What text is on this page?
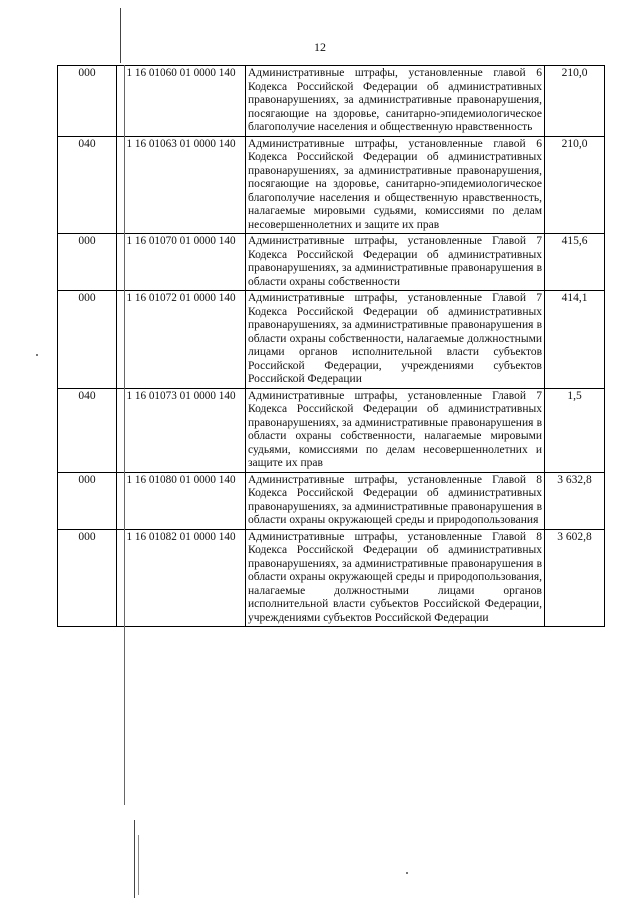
12
000	1 16 01060 01 0000 140	Административные штрафы, установленные главой 6 Кодекса Российской Федерации об административных правонарушениях, за административные правонарушения, посягающие на здоровье, санитарно-эпидемиологическое благополучие населения и общественную нравственность	210,0
040	1 16 01063 01 0000 140	Административные штрафы, установленные главой 6 Кодекса Российской Федерации об административных правонарушениях, за административные правонарушения, посягающие на здоровье, санитарно-эпидемиологическое благополучие населения и общественную нравственность, налагаемые мировыми судьями, комиссиями по делам несовершеннолетних и защите их прав	210,0
000	1 16 01070 01 0000 140	Административные штрафы, установленные Главой 7 Кодекса Российской Федерации об административных правонарушениях, за административные правонарушения в области охраны собственности	415,6
000	1 16 01072 01 0000 140	Административные штрафы, установленные Главой 7 Кодекса Российской Федерации об административных правонарушениях, за административные правонарушения в области охраны собственности, налагаемые должностными лицами органов исполнительной власти субъектов Российской Федерации, учреждениями субъектов Российской Федерации	414,1
040	1 16 01073 01 0000 140	Административные штрафы, установленные Главой 7 Кодекса Российской Федерации об административных правонарушениях, за административные правонарушения в области охраны собственности, налагаемые мировыми судьями, комиссиями по делам несовершеннолетних и защите их прав	1,5
000	1 16 01080 01 0000 140	Административные штрафы, установленные Главой 8 Кодекса Российской Федерации об административных правонарушениях, за административные правонарушения в области охраны окружающей среды и природопользования	3 632,8
000	1 16 01082 01 0000 140	Административные штрафы, установленные Главой 8 Кодекса Российской Федерации об административных правонарушениях, за административные правонарушения в области охраны окружающей среды и природопользования, налагаемые должностными лицами органов исполнительной власти субъектов Российской Федерации, учреждениями субъектов Российской Федерации	3 602,8
